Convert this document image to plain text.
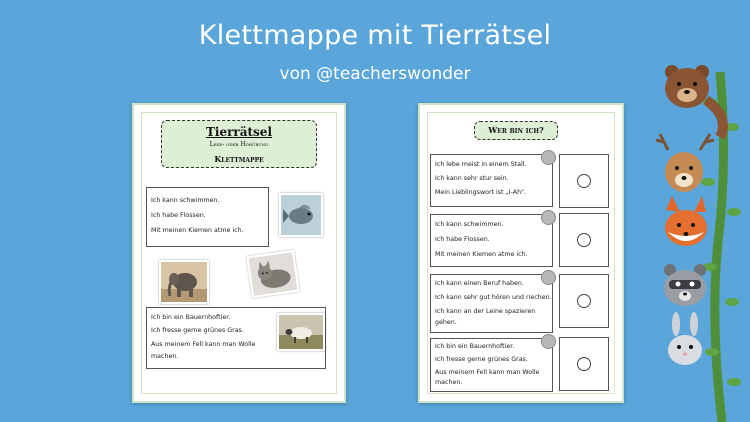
Klettmappe mit Tierrätsel
von @teacherswonder
Tierrätsel
Lese- oder Hörübung
Klettmappe
Ich kann schwimmen.
Ich habe Flossen.
Mit meinen Kiemen atme ich.
Ich bin ein Bauernhoftier.
Ich fresse gerne grünes Gras.
Aus meinem Fell kann man Wolle
machen.
Wer bin ich?
Ich lebe meist in einem Stall.
Ich kann sehr stur sein.
Mein Lieblingswort ist „I-Ah".
Ich kann schwimmen.
Ich habe Flossen.
Mit meinen Kiemen atme ich.
Ich kann einen Beruf haben.
Ich kann sehr gut hören und riechen.
Ich kann an der Leine spazieren
gehen.
Ich bin ein Bauernhoftier.
Ich fresse gerne grünes Gras.
Aus meinem Fell kann man Wolle
machen.
